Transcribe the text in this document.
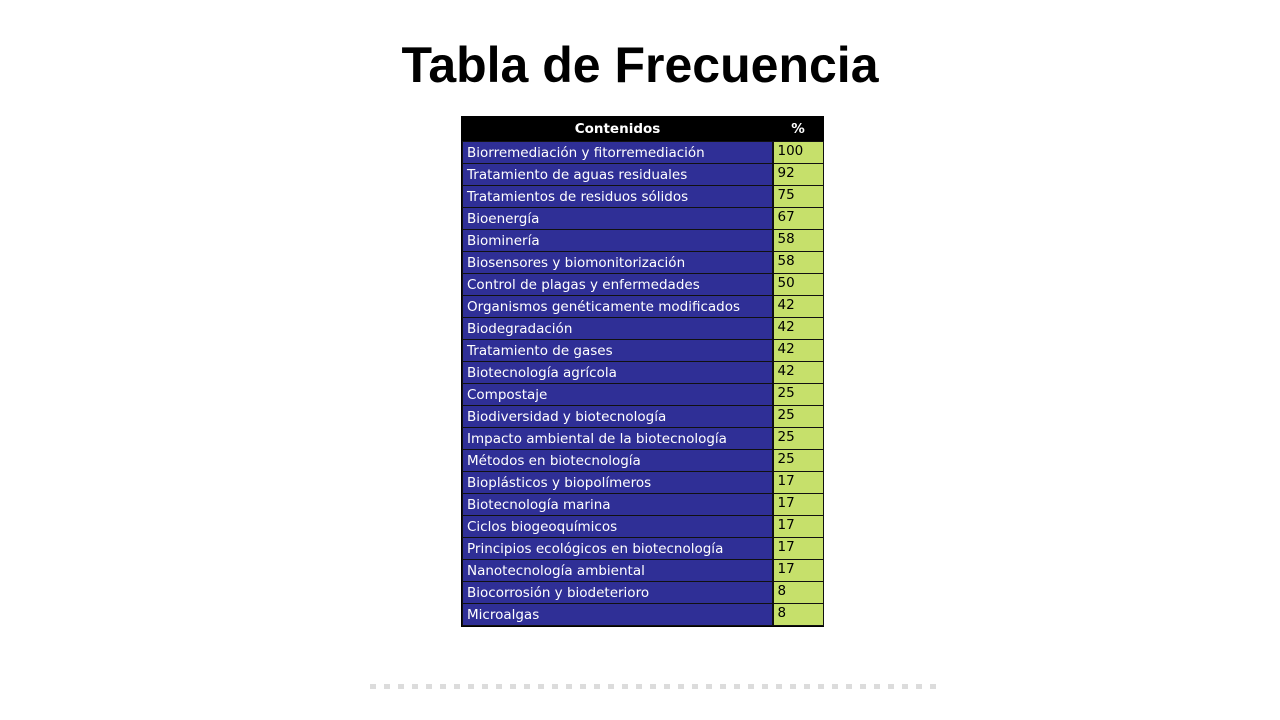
Tabla de Frecuencia
Contenidos	%
Biorremediación y fitorremediación	100
Tratamiento de aguas residuales	92
Tratamientos de residuos sólidos	75
Bioenergía	67
Biominería	58
Biosensores y biomonitorización	58
Control de plagas y enfermedades	50
Organismos genéticamente modificados	42
Biodegradación	42
Tratamiento de gases	42
Biotecnología agrícola	42
Compostaje	25
Biodiversidad y biotecnología	25
Impacto ambiental de la biotecnología	25
Métodos en biotecnología	25
Bioplásticos y biopolímeros	17
Biotecnología marina	17
Ciclos biogeoquímicos	17
Principios ecológicos en biotecnología	17
Nanotecnología ambiental	17
Biocorrosión y biodeterioro	8
Microalgas	8
